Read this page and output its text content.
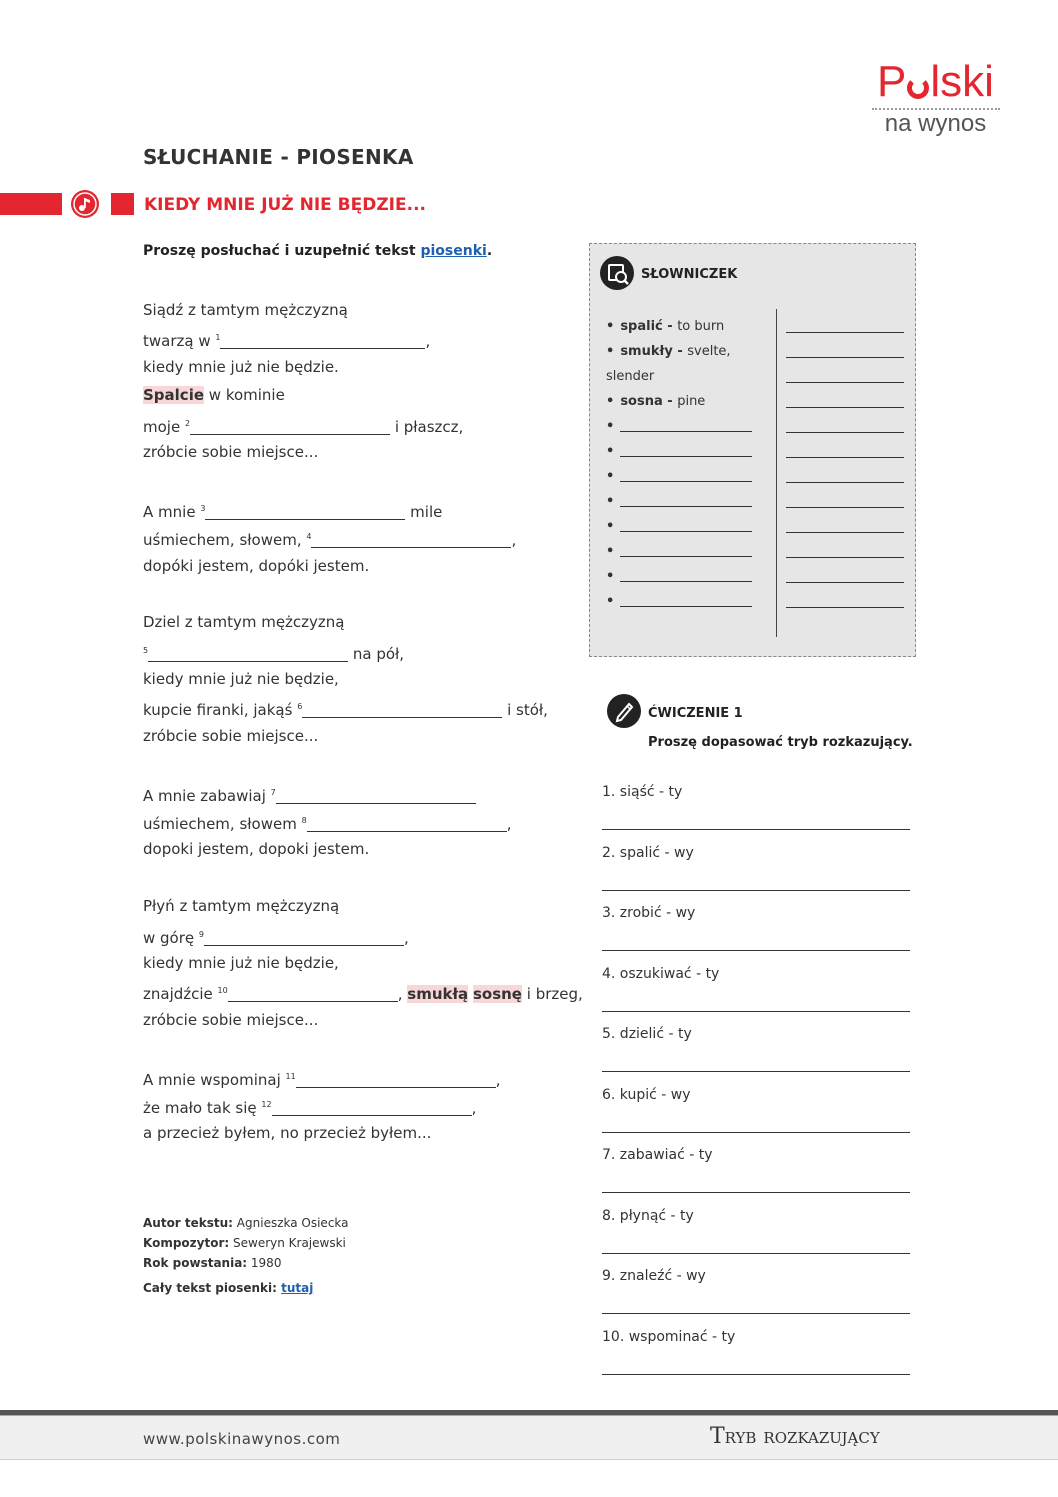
P lski
na wynos
SŁUCHANIE - PIOSENKA
KIEDY MNIE JUŻ NIE BĘDZIE...
Proszę posłuchać i uzupełnić tekst piosenki.
Siądź z tamtym mężczyzną
twarzą w $^1$	,
kiedy mnie już nie będzie.
Spalcie w kominie
moje $^2$	i płaszcz,
zróbcie sobie miejsce...
A mnie $^3$	mile
uśmiechem, słowem, $^4$	,
dopóki jestem, dopóki jestem.
Dziel z tamtym mężczyzną
$^5$	na pół,
kiedy mnie już nie będzie,
kupcie firanki, jakąś $^6$	i stół,
zróbcie sobie miejsce...
A mnie zabawiaj $^7$
uśmiechem, słowem $^8$	,
dopoki jestem, dopoki jestem.
Płyń z tamtym mężczyzną
w górę $^9$	,
kiedy mnie już nie będzie,
znajdźcie $^{10}$	, smukłą sosnę i brzeg,
zróbcie sobie miejsce...
A mnie wspominaj $^{11}$	,
że mało tak się $^{12}$	,
a przecież byłem, no przecież byłem...
Autor tekstu: Agnieszka Osiecka
Kompozytor: Seweryn Krajewski
Rok powstania: 1980
Cały tekst piosenki: tutaj
SŁOWNICZEK
• spalić - to burn
• smukły - svelte, slender
• sosna - pine
•
•
•
•
•
•
•
•
ĆWICZENIE 1
Proszę dopasować tryb rozkazujący.
1. siąść - ty
2. spalić - wy
3. zrobić - wy
4. oszukiwać - ty
5. dzielić - ty
6. kupić - wy
7. zabawiać - ty
8. płynąć - ty
9. znaleźć - wy
10. wspominać - ty
www.polskinawynos.com	Tryb rozkazujący
